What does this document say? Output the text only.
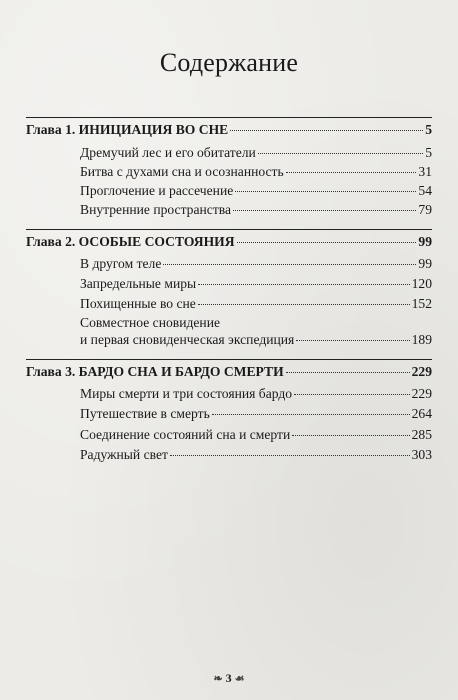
Содержание
Глава 1. ИНИЦИАЦИЯ ВО СНЕ	5
Дремучий лес и его обитатели	5
Битва с духами сна и осознанность	31
Проглочение и рассечение	54
Внутренние пространства	79
Глава 2. ОСОБЫЕ СОСТОЯНИЯ	99
В другом теле	99
Запредельные миры	120
Похищенные во сне	152
Совместное сновидение
и первая сновиденческая экспедиция	189
Глава 3. БАРДО СНА И БАРДО СМЕРТИ	229
Миры смерти и три состояния бардо	229
Путешествие в смерть	264
Соединение состояний сна и смерти	285
Радужный свет	303
❧ 3 ☙
